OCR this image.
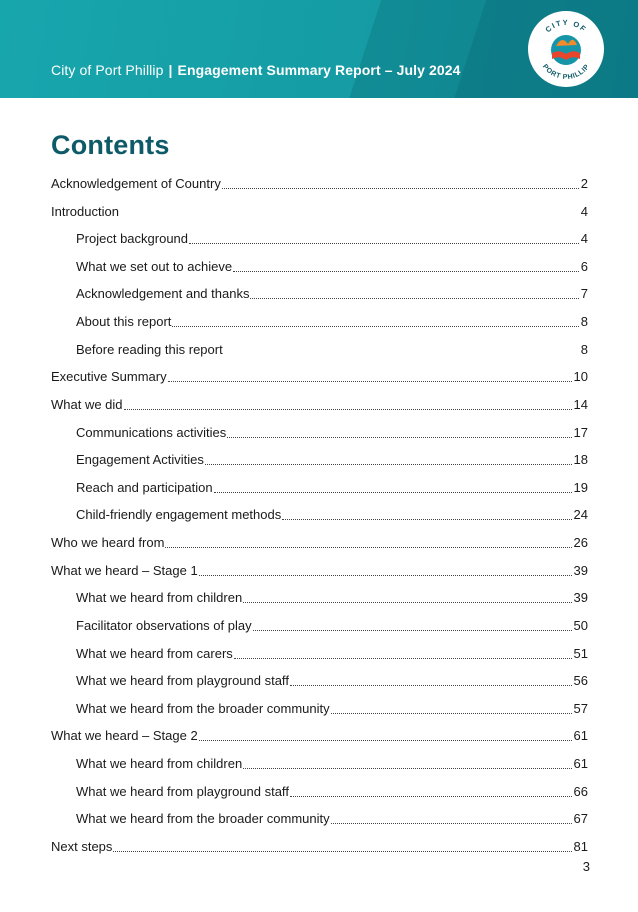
City of Port Phillip | Engagement Summary Report – July 2024
CITY OF
PORT PHILLIP
Contents
Acknowledgement of Country	2
Introduction	4
Project background	4
What we set out to achieve	6
Acknowledgement and thanks	7
About this report	8
Before reading this report	8
Executive Summary	10
What we did	14
Communications activities	17
Engagement Activities	18
Reach and participation	19
Child-friendly engagement methods	24
Who we heard from	26
What we heard – Stage 1	39
What we heard from children	39
Facilitator observations of play	50
What we heard from carers	51
What we heard from playground staff	56
What we heard from the broader community	57
What we heard – Stage 2	61
What we heard from children	61
What we heard from playground staff	66
What we heard from the broader community	67
Next steps	81
3
